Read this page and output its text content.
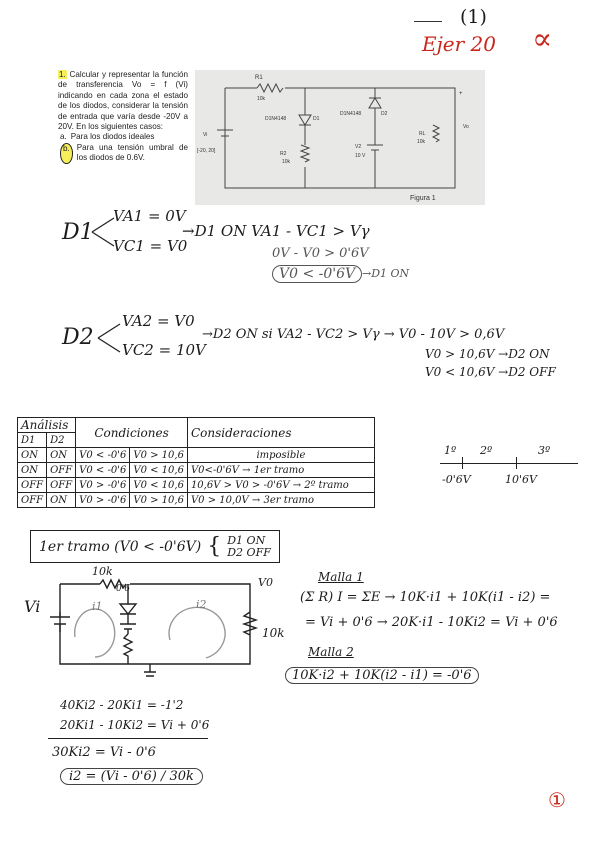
(1)
Ejer 20 ∝
1. Calcular y representar la función de transferencia Vo = f (Vi) indicando en cada zona el estado de los diodos, considerar la tensión de entrada que varía desde -20V a 20V. En los siguientes casos:
a. Para los diodos ideales
b. Para una tensión umbral de los diodos de 0.6V.
R1
10k
D1N4148	D1
D1N4148	D2
Vi
[-20, 20]	R2
10k
V2
10 V
RL
10k
Vo
+
Figura 1
D1
VA1 = 0V
VC1 = V0
→D1 ON VA1 - VC1 > Vγ
0V - V0 > 0'6V
V0 < -0'6V →D1 ON
D2
VA2 = V0
VC2 = 10V
→D2 ON si VA2 - VC2 > Vγ → V0 - 10V > 0,6V
V0 > 10,6V →D2 ON
V0 < 10,6V →D2 OFF
Análisis		Condiciones		Consideraciones
D1	D2			
ON	ON	V0 < -0'6	V0 > 10,6	imposible
ON	OFF	V0 < -0'6	V0 < 10,6	V0<-0'6V → 1er tramo
OFF	OFF	V0 > -0'6	V0 < 10,6	10,6V > V0 > -0'6V → 2º tramo
OFF	ON	V0 > -0'6	V0 > 10,6	V0 > 10,0V → 3er tramo
1º 2º	3º
-0'6V	10'6V
1er tramo (V0 < -0'6V) { D1 ON
D2 OFF
10k
Vi
V0
i1	i2
10k
0'6
Malla 1
(Σ R) I = ΣE → 10K·i1 + 10K(i1 - i2) =
= Vi + 0'6 → 20K·i1 - 10Ki2 = Vi + 0'6
Malla 2
10K·i2 + 10K(i2 - i1) = -0'6
40Ki2 - 20Ki1 = -1'2
20Ki1 - 10Ki2 = Vi + 0'6
30Ki2 = Vi - 0'6
i2 = (Vi - 0'6) / 30k
①
